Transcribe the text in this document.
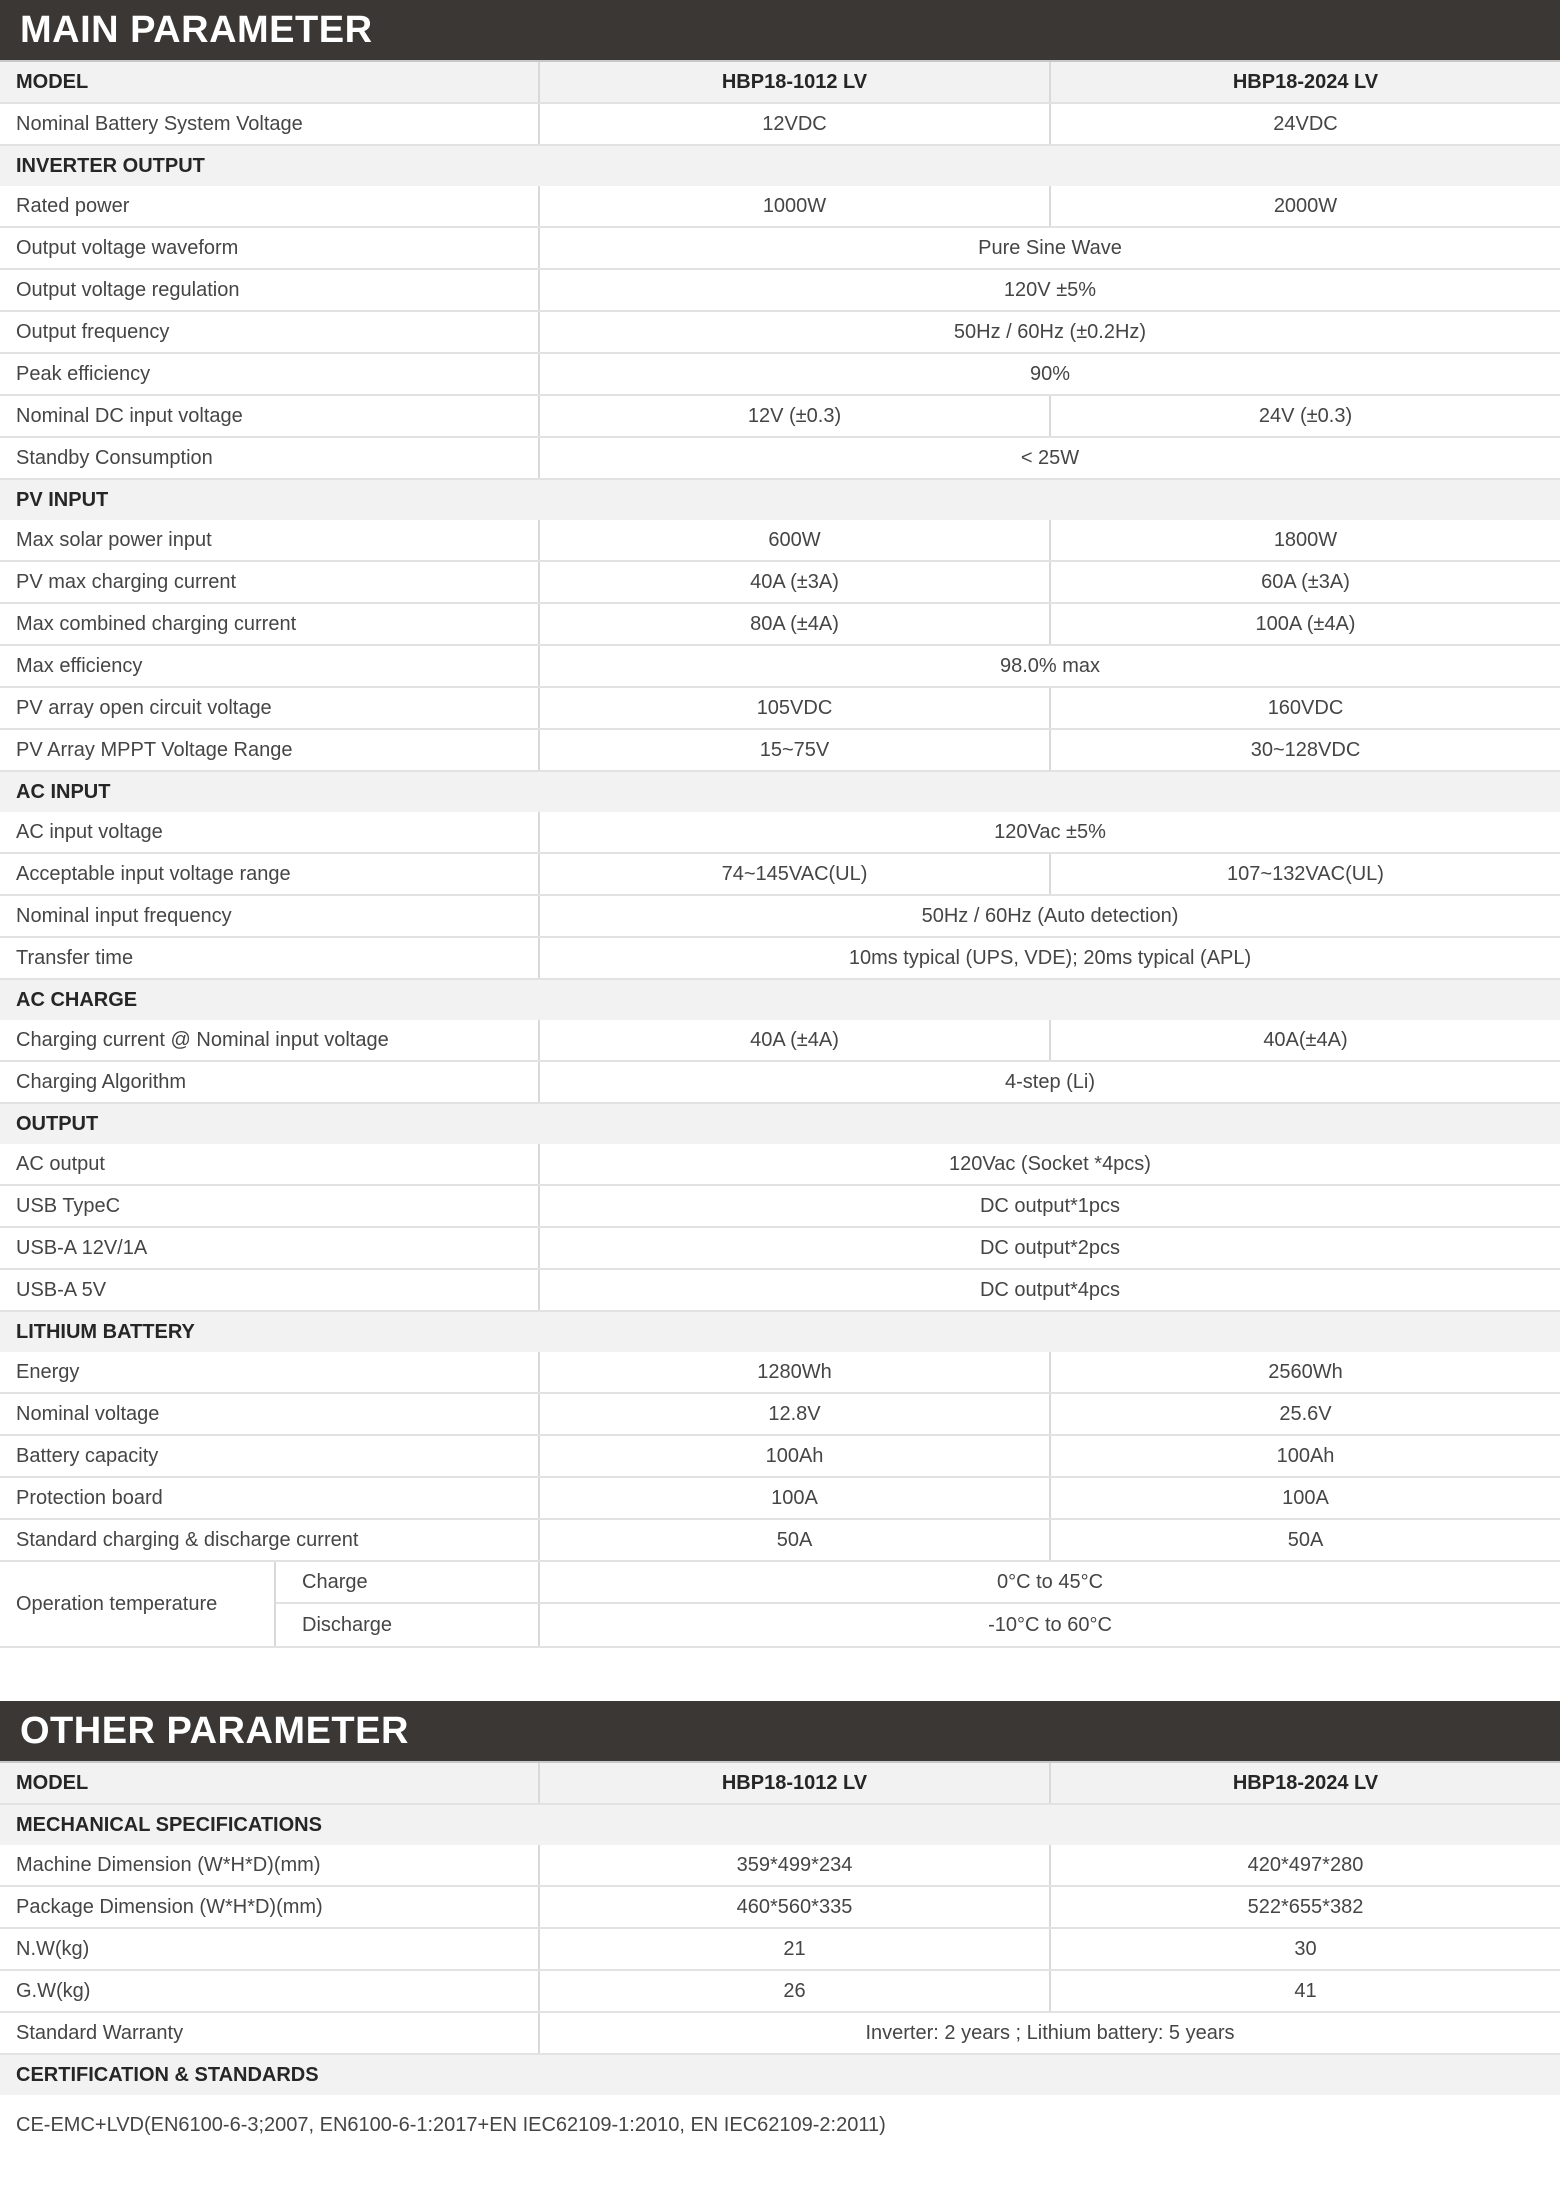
MAIN PARAMETER
MODEL	HBP18-1012 LV	HBP18-2024 LV
Nominal Battery System Voltage	12VDC	24VDC
INVERTER OUTPUT
Rated power	1000W	2000W
Output voltage waveform	Pure Sine Wave
Output voltage regulation	120V ±5%
Output frequency	50Hz / 60Hz (±0.2Hz)
Peak efficiency	90%
Nominal DC input voltage	12V (±0.3)	24V (±0.3)
Standby Consumption	< 25W
PV INPUT
Max solar power input	600W	1800W
PV max charging current	40A (±3A)	60A (±3A)
Max combined charging current	80A (±4A)	100A (±4A)
Max efficiency	98.0% max
PV array open circuit voltage	105VDC	160VDC
PV Array MPPT Voltage Range	15~75V	30~128VDC
AC INPUT
AC input voltage	120Vac ±5%
Acceptable input voltage range	74~145VAC(UL)	107~132VAC(UL)
Nominal input frequency	50Hz / 60Hz (Auto detection)
Transfer time	10ms typical (UPS, VDE); 20ms typical (APL)
AC CHARGE
Charging current @ Nominal input voltage	40A (±4A)	40A(±4A)
Charging Algorithm	4-step (Li)
OUTPUT
AC output	120Vac (Socket *4pcs)
USB TypeC	DC output*1pcs
USB-A 12V/1A	DC output*2pcs
USB-A 5V	DC output*4pcs
LITHIUM BATTERY
Energy	1280Wh	2560Wh
Nominal voltage	12.8V	25.6V
Battery capacity	100Ah	100Ah
Protection board	100A	100A
Standard charging & discharge current	50A	50A
Operation temperature
Charge	0°C to 45°C
Discharge	-10°C to 60°C
OTHER PARAMETER
MODEL	HBP18-1012 LV	HBP18-2024 LV
MECHANICAL SPECIFICATIONS
Machine Dimension (W*H*D)(mm)	359*499*234	420*497*280
Package Dimension (W*H*D)(mm)	460*560*335	522*655*382
N.W(kg)	21	30
G.W(kg)	26	41
Standard Warranty	Inverter: 2 years ; Lithium battery: 5 years
CERTIFICATION & STANDARDS
CE-EMC+LVD(EN6100-6-3;2007, EN6100-6-1:2017+EN IEC62109-1:2010, EN IEC62109-2:2011)
